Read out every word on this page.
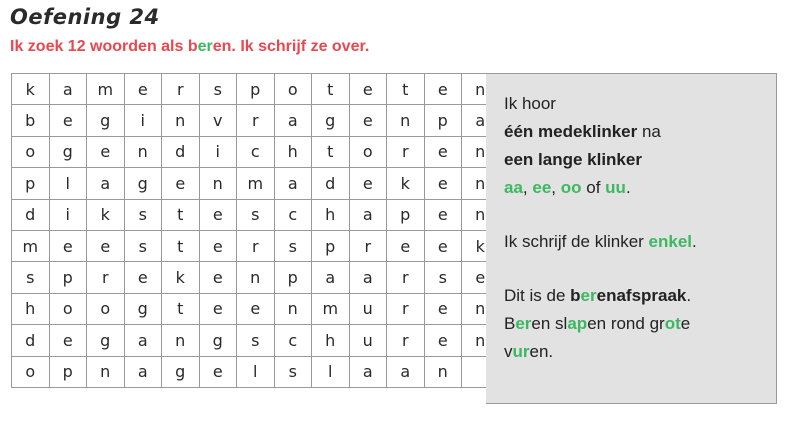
Oefening 24
Ik zoek 12 woorden als beren. Ik schrijf ze over.
k	a	m	e	r	s	p	o	t	e	t	e	n
b	e	g	i	n	v	r	a	g	e	n	p	a
o	g	e	n	d	i	c	h	t	o	r	e	n
p	l	a	g	e	n	m	a	d	e	k	e	n
d	i	k	s	t	e	s	c	h	a	p	e	n
m	e	e	s	t	e	r	s	p	r	e	e	k
s	p	r	e	k	e	n	p	a	a	r	s	e
h	o	o	g	t	e	e	n	m	u	r	e	n
d	e	g	a	n	g	s	c	h	u	r	e	n
o	p	n	a	g	e	l	s	l	a	a	n	

Ik hoor

één medeklinker na

een lange klinker

aa, ee, oo of uu.

Ik schrijf de klinker enkel.

Dit is de berenafspraak.

Beren slapen rond grote

vuren.
